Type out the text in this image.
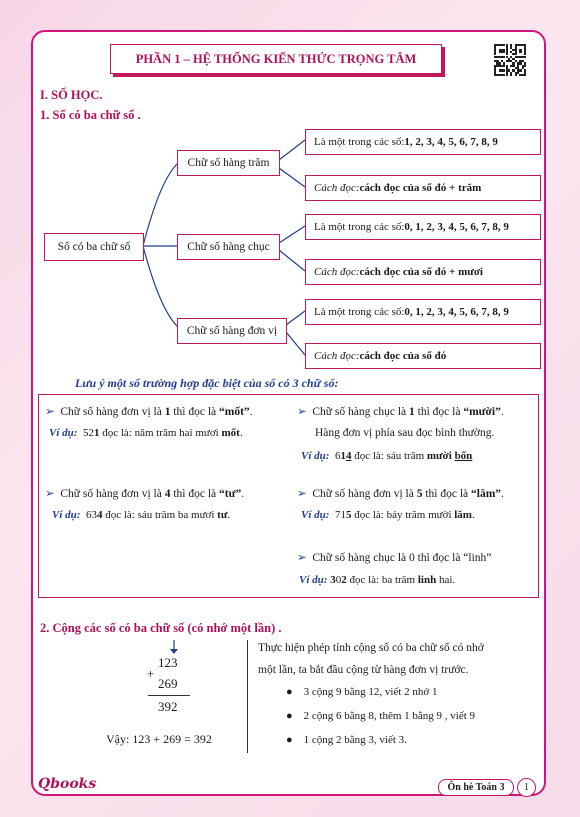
PHẦN 1 – HỆ THỐNG KIẾN THỨC TRỌNG TÂM
I. SỐ HỌC.
1. Số có ba chữ số .
Số có ba chữ số
Chữ số hàng trăm
Chữ số hàng chục
Chữ số hàng đơn vị
Là một trong các số: 1, 2, 3, 4, 5, 6, 7, 8, 9
Cách đọc: cách đọc của số đó + trăm
Là một trong các số: 0, 1, 2, 3, 4, 5, 6, 7, 8, 9
Cách đọc: cách đọc của số đó + mươi
Là một trong các số: 0, 1, 2, 3, 4, 5, 6, 7, 8, 9
Cách đọc: cách đọc của số đó
Lưu ý một số trường hợp đặc biệt của số có 3 chữ số:
➢ Chữ số hàng đơn vị là 1 thì đọc là “mốt”.
Ví dụ: 521 đọc là: năm trăm hai mươi mốt.
➢ Chữ số hàng chục là 1 thì đọc là “mười”.
Hàng đơn vị phía sau đọc bình thường.
Ví dụ: 614 đọc là: sáu trăm mười bốn
➢ Chữ số hàng đơn vị là 4 thì đọc là “tư”.
Ví dụ: 634 đọc là: sáu trăm ba mươi tư.
➢ Chữ số hàng đơn vị là 5 thì đọc là “lăm”.
Ví dụ: 715 đọc là: bảy trăm mười lăm.
➢ Chữ số hàng chục là 0 thì đọc là “linh”
Ví dụ: 302 đọc là: ba trăm linh hai.
2. Cộng các số có ba chữ số (có nhớ một lần) .
123
+
269
392
Vậy: 123 + 269 = 392
Thực hiện phép tính cộng số có ba chữ số có nhớ
một lần, ta bắt đầu cộng từ hàng đơn vị trước.
●    3 cộng 9 bằng 12, viết 2 nhớ 1
●    2 cộng 6 bằng 8, thêm 1 bằng 9 , viết 9
●    1 cộng 2 bằng 3, viết 3.
Qbooks	Ôn hè Toán 3 1
